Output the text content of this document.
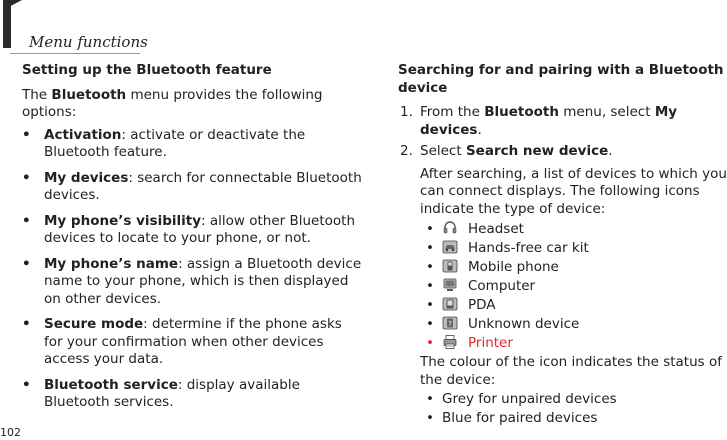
Menu functions
Setting up the Bluetooth feature

The Bluetooth menu provides the following options:

• Activation: activate or deactivate the Bluetooth feature.
• My devices: search for connectable Bluetooth devices.
• My phone’s visibility: allow other Bluetooth devices to locate to your phone, or not.
• My phone’s name: assign a Bluetooth device name to your phone, which is then displayed on other devices.
• Secure mode: determine if the phone asks for your confirmation when other devices access your data.
• Bluetooth service: display available Bluetooth services.
Searching for and pairing with a Bluetooth device
1. From the Bluetooth menu, select My devices.
2. Select Search new device.

After searching, a list of devices to which you can connect displays. The following icons indicate the type of device:

• Headset
• Hands-free car kit
• Mobile phone
• Computer
• PDA
• ? Unknown device
• Printer

The colour of the icon indicates the status of the device:

• Grey for unpaired devices
• Blue for paired devices
102
